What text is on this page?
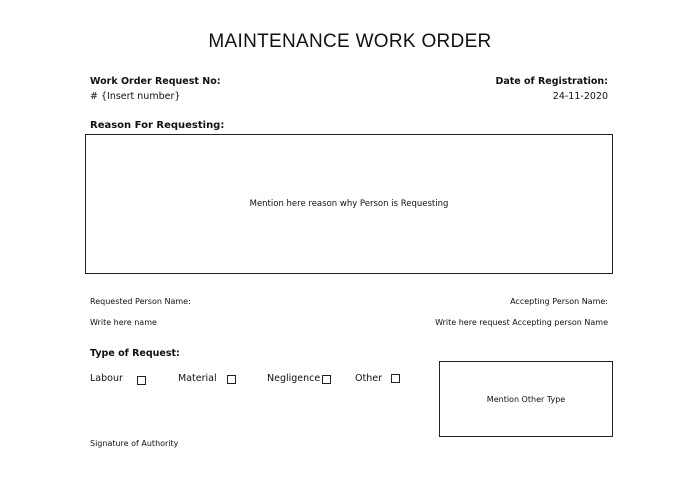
MAINTENANCE WORK ORDER
Work Order Request No:
# {Insert number}
Date of Registration:
24-11-2020
Reason For Requesting:
Mention here reason why Person is Requesting
Requested Person Name:
Write here name
Accepting Person Name:
Write here request Accepting person Name
Type of Request:
Labour	Material	Negligence	Other
Mention Other Type
Signature of Authority
